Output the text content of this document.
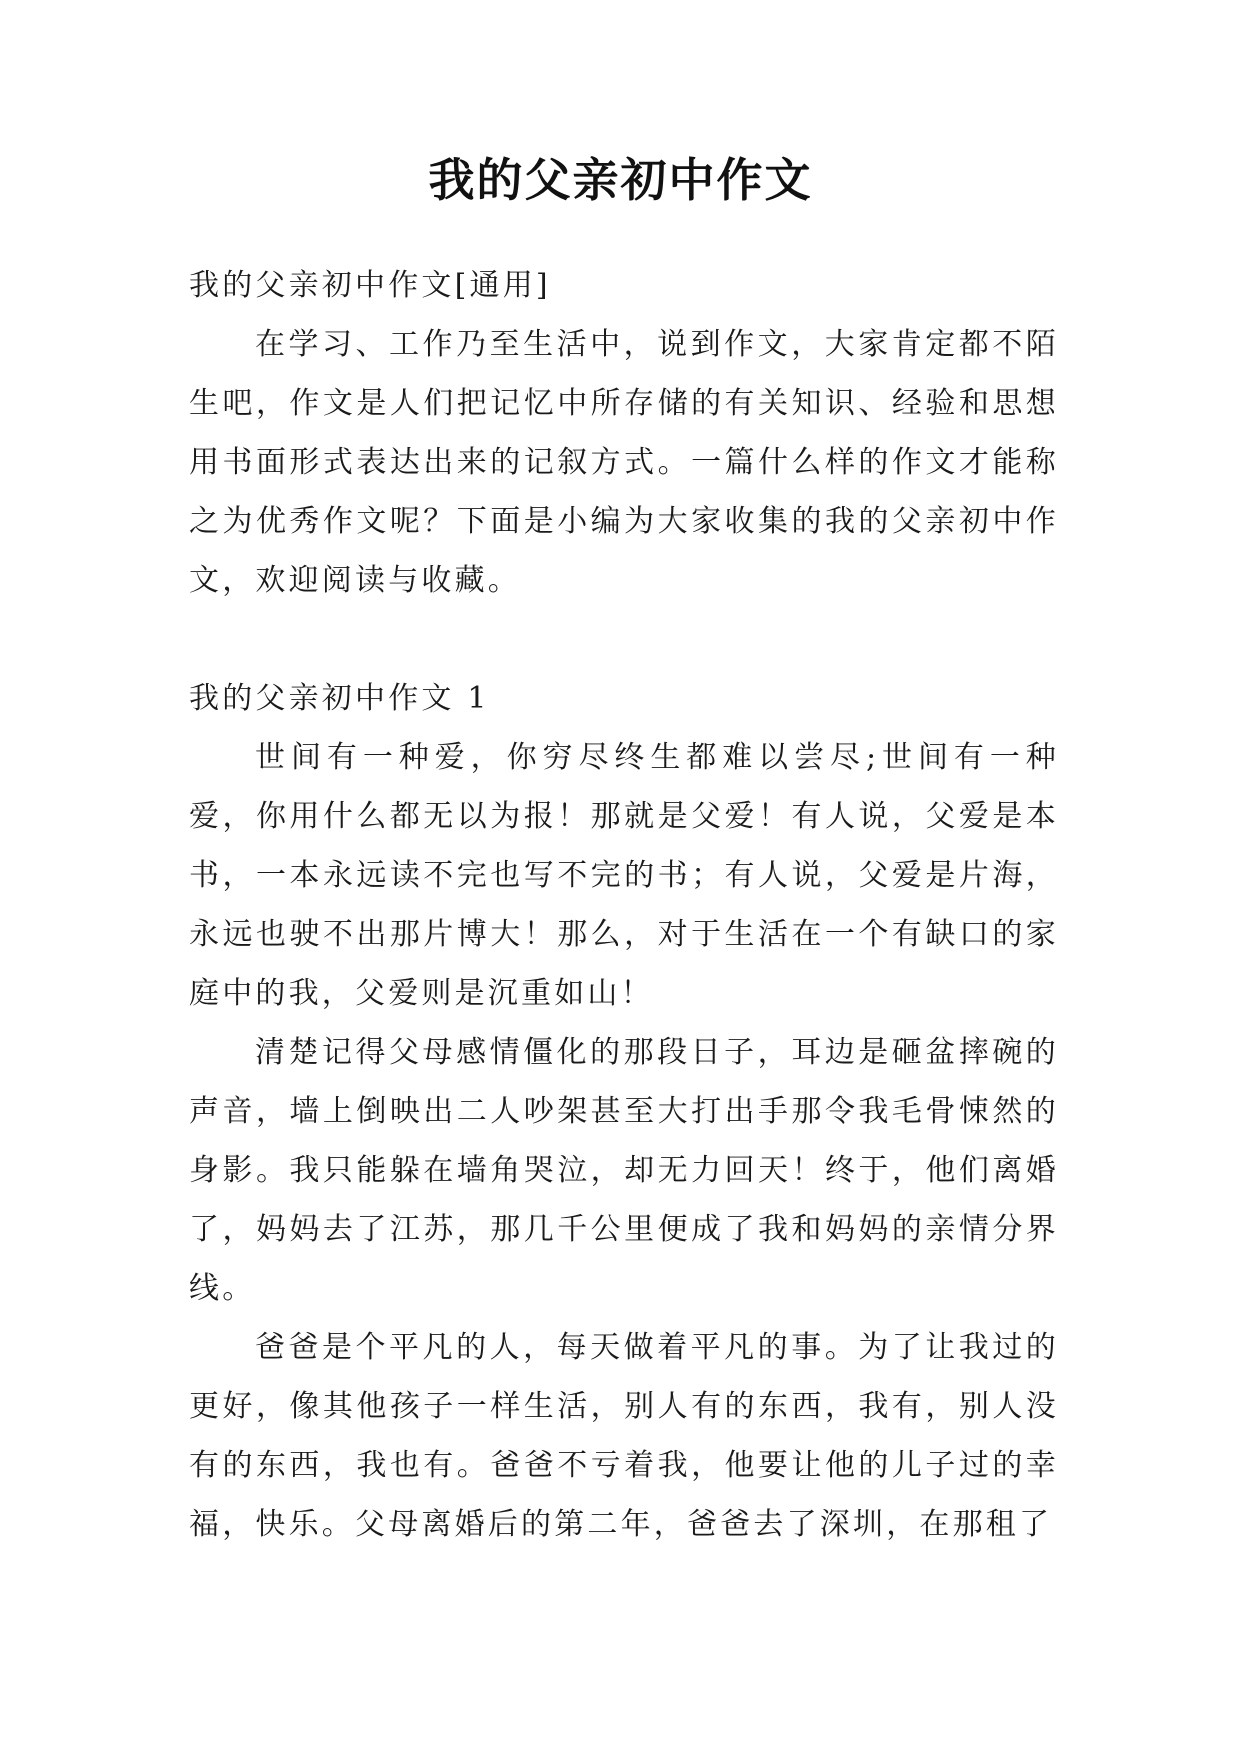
我的父亲初中作文

我的父亲初中作文[通用]

在学习、工作乃至生活中，说到作文，大家肯定都不陌生吧，作文是人们把记忆中所存储的有关知识、经验和思想用书面形式表达出来的记叙方式。一篇什么样的作文才能称之为优秀作文呢？下面是小编为大家收集的我的父亲初中作文，欢迎阅读与收藏。

我的父亲初中作文 1

世间有一种爱，你穷尽终生都难以尝尽;世间有一种爱，你用什么都无以为报！那就是父爱！有人说，父爱是本书，一本永远读不完也写不完的书；有人说，父爱是片海，永远也驶不出那片博大！那么，对于生活在一个有缺口的家庭中的我，父爱则是沉重如山！

清楚记得父母感情僵化的那段日子，耳边是砸盆摔碗的声音，墙上倒映出二人吵架甚至大打出手那令我毛骨悚然的身影。我只能躲在墙角哭泣，却无力回天！终于，他们离婚了，妈妈去了江苏，那几千公里便成了我和妈妈的亲情分界线。

爸爸是个平凡的人，每天做着平凡的事。为了让我过的更好，像其他孩子一样生活，别人有的东西，我有，别人没有的东西，我也有。爸爸不亏着我，他要让他的儿子过的幸福，快乐。父母离婚后的第二年，爸爸去了深圳，在那租了
